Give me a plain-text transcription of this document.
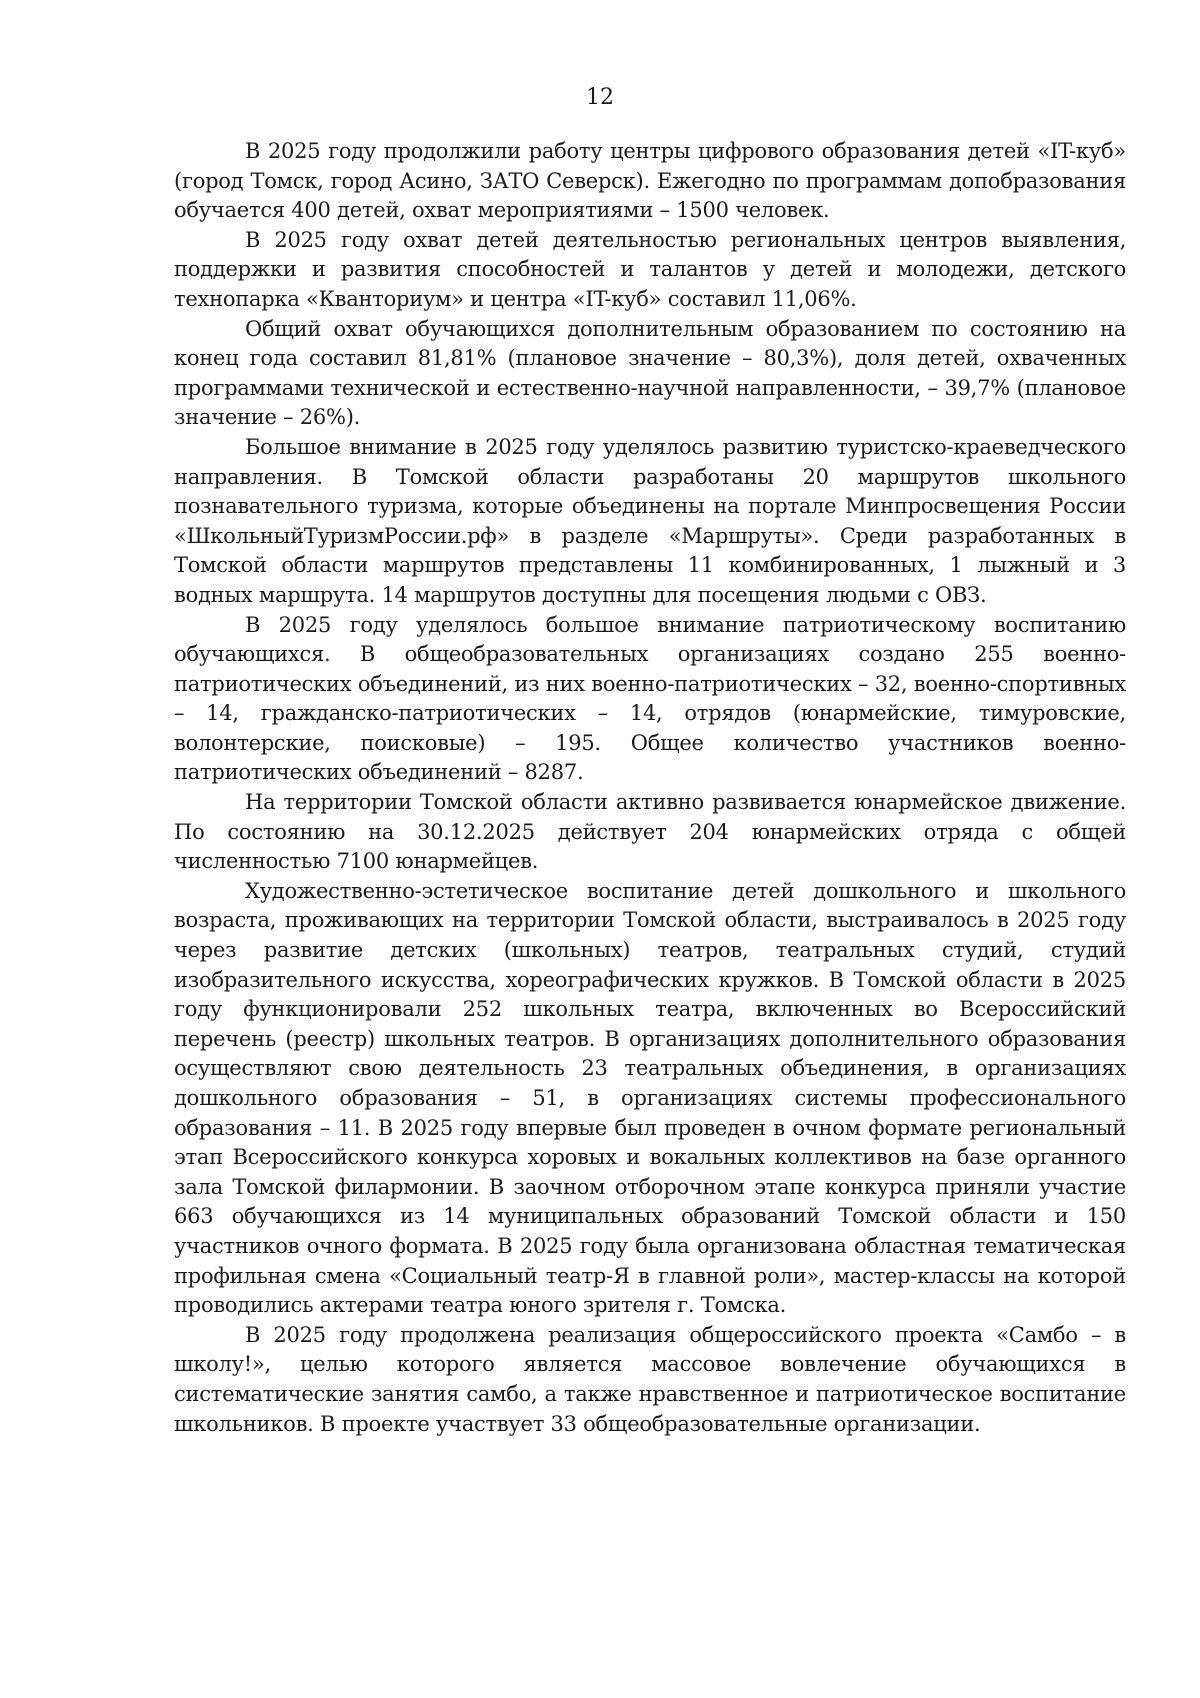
12

В 2025 году продолжили работу центры цифрового образования детей «IT-куб» (город Томск, город Асино, ЗАТО Северск). Ежегодно по программам допобразования обучается 400 детей, охват мероприятиями – 1500 человек.

В 2025 году охват детей деятельностью региональных центров выявления, поддержки и развития способностей и талантов у детей и молодежи, детского технопарка «Кванториум» и центра «IT-куб» составил 11,06%.

Общий охват обучающихся дополнительным образованием по состоянию на конец года составил 81,81% (плановое значение – 80,3%), доля детей, охваченных программами технической и естественно-научной направленности, – 39,7% (плановое значение – 26%).

Большое внимание в 2025 году уделялось развитию туристско-краеведческого направления. В Томской области разработаны 20 маршрутов школьного познавательного туризма, которые объединены на портале Минпросвещения России «ШкольныйТуризмРоссии.рф» в разделе «Маршруты». Среди разработанных в Томской области маршрутов представлены 11 комбинированных, 1 лыжный и 3 водных маршрута. 14 маршрутов доступны для посещения людьми с ОВЗ.

В 2025 году уделялось большое внимание патриотическому воспитанию обучающихся. В общеобразовательных организациях создано 255 военно-патриотических объединений, из них военно-патриотических – 32, военно-спортивных – 14, гражданско-патриотических – 14, отрядов (юнармейские, тимуровские, волонтерские, поисковые) – 195. Общее количество участников военно-патриотических объединений – 8287.

На территории Томской области активно развивается юнармейское движение. По состоянию на 30.12.2025 действует 204 юнармейских отряда с общей численностью 7100 юнармейцев.

Художественно-эстетическое воспитание детей дошкольного и школьного возраста, проживающих на территории Томской области, выстраивалось в 2025 году через развитие детских (школьных) театров, театральных студий, студий изобразительного искусства, хореографических кружков. В Томской области в 2025 году функционировали 252 школьных театра, включенных во Всероссийский перечень (реестр) школьных театров. В организациях дополнительного образования осуществляют свою деятельность 23 театральных объединения, в организациях дошкольного образования – 51, в организациях системы профессионального образования – 11. В 2025 году впервые был проведен в очном формате региональный этап Всероссийского конкурса хоровых и вокальных коллективов на базе органного зала Томской филармонии. В заочном отборочном этапе конкурса приняли участие 663 обучающихся из 14 муниципальных образований Томской области и 150 участников очного формата. В 2025 году была организована областная тематическая профильная смена «Социальный театр-Я в главной роли», мастер-классы на которой проводились актерами театра юного зрителя г. Томска.

В 2025 году продолжена реализация общероссийского проекта «Самбо – в школу!», целью которого является массовое вовлечение обучающихся в систематические занятия самбо, а также нравственное и патриотическое воспитание школьников. В проекте участвует 33 общеобразовательные организации.
